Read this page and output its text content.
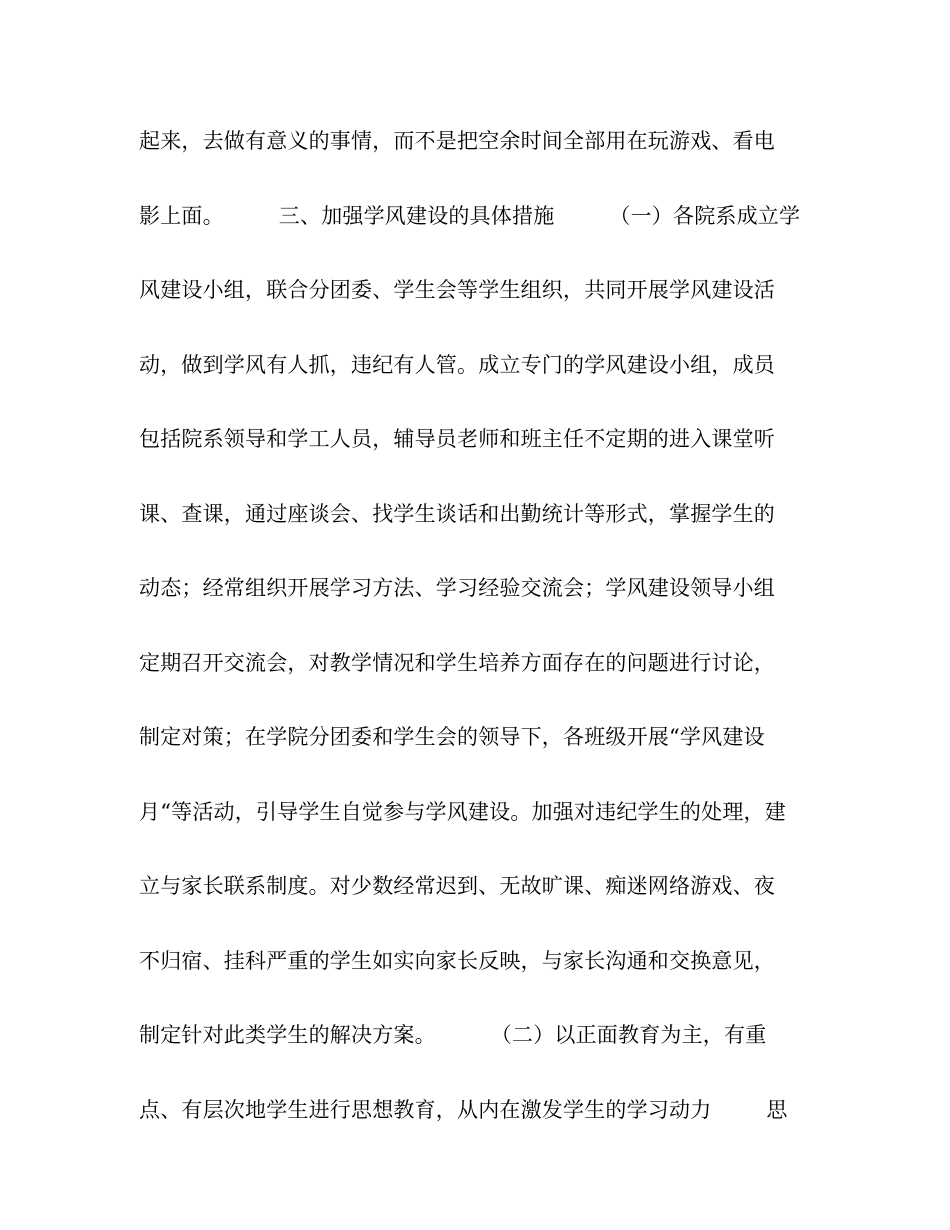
起来，去做有意义的事情，而不是把空余时间全部用在玩游戏、看电
影上面。        三、加强学风建设的具体措施        （一）各院系成立学
风建设小组，联合分团委、学生会等学生组织，共同开展学风建设活
动，做到学风有人抓，违纪有人管。成立专门的学风建设小组，成员
包括院系领导和学工人员，辅导员老师和班主任不定期的进入课堂听
课、查课，通过座谈会、找学生谈话和出勤统计等形式，掌握学生的
动态；经常组织开展学习方法、学习经验交流会；学风建设领导小组
定期召开交流会，对教学情况和学生培养方面存在的问题进行讨论，
制定对策；在学院分团委和学生会的领导下，各班级开展“学风建设
月“等活动，引导学生自觉参与学风建设。加强对违纪学生的处理，建
立与家长联系制度。对少数经常迟到、无故旷课、痴迷网络游戏、夜
不归宿、挂科严重的学生如实向家长反映，与家长沟通和交换意见，
制定针对此类学生的解决方案。        （二）以正面教育为主，有重
点、有层次地学生进行思想教育，从内在激发学生的学习动力        思
